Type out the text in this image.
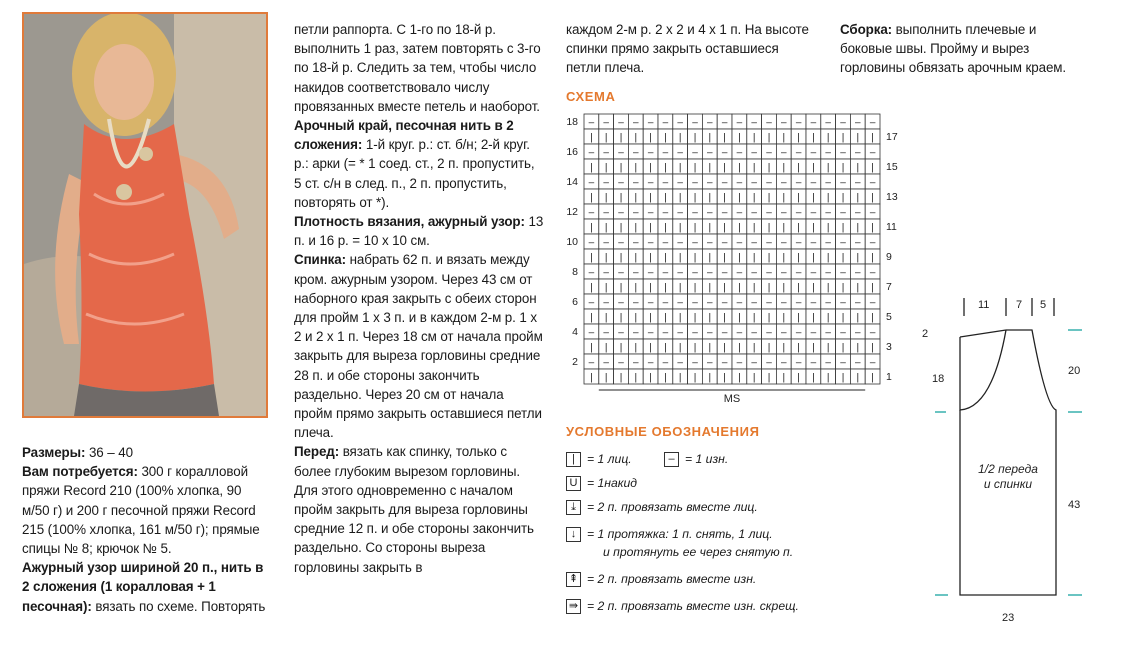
Размеры: 36 – 40

Вам потребуется: 300 г коралловой пряжи Record 210 (100% хлопка, 90 м/50 г) и 200 г песочной пряжи Record 215 (100% хлопка, 161 м/50 г); прямые спицы № 8; крючок № 5.

Ажурный узор шириной 20 п., нить в 2 сложения (1 коралловая + 1 песочная): вязать по схеме. Повторять

петли раппорта. С 1-го по 18-й р. выполнить 1 раз, затем повторять с 3-го по 18-й р. Следить за тем, чтобы число накидов соответствовало числу провязанных вместе петель и наоборот.

Арочный край, песочная нить в 2 сложения: 1-й круг. р.: ст. б/н; 2-й круг. р.: арки (= * 1 соед. ст., 2 п. пропустить, 5 ст. с/н в след. п., 2 п. пропустить, повторять от *).

Плотность вязания, ажурный узор: 13 п. и 16 р. = 10 х 10 см.

Спинка: набрать 62 п. и вязать между кром. ажурным узором. Через 43 см от наборного края закрыть с обеих сторон для пройм 1 х 3 п. и в каждом 2-м р. 1 х 2 и 2 х 1 п. Через 18 см от начала пройм закрыть для выреза горловины средние 28 п. и обе стороны закончить раздельно. Через 20 см от начала пройм прямо закрыть оставшиеся петли плеча.

Перед: вязать как спинку, только с более глубоким вырезом горловины. Для этого одновременно с началом пройм закрыть для выреза горловины средние 12 п. и обе стороны закончить раздельно. Со стороны выреза горловины закрыть в

каждом 2-м р. 2 х 2 и 4 х 1 п. На высоте спинки прямо закрыть оставшиеся петли плеча.

СХЕМА
– – – – – – – – – – – – – – – – – – – –
| | | | | | | | | | | | | | | | | | | |
– – – – – – – – – – – – – – – – – – – –
| | | | | | | | | | | | | | | | | | | |
– – – – – – – – – – – – – – – – – – – –
| | | | | | | | | | | | | | | | | | | |
– – – – – – – – – – – – – – – – – – – –
| | | | | | | | | | | | | | | | | | | |
– – – – – – – – – – – – – – – – – – – –
| | | | | | | | | | | | | | | | | | | |
– – – – – – – – – – – – – – – – – – – –
| | | | | | | | | | | | | | | | | | | |
– – – – – – – – – – – – – – – – – – – –
| | | | | | | | | | | | | | | | | | | |
– – – – – – – – – – – – – – – – – – – –
| | | | | | | | | | | | | | | | | | | |
– – – – – – – – – – – – – – – – – – – –
| | | | | | | | | | | | | | | | | | | |
18
16
14
12
10
8
6
4
2
17
15
13
11
9
7
5
3
1
MS
УСЛОВНЫЕ ОБОЗНАЧЕНИЯ
| = 1 лиц.	– = 1 изн.
U = 1накид
⤓ = 2 п. провязать вместе лиц.
↓ = 1 протяжка: 1 п. снять, 1 лиц.
и протянуть ее через снятую п.
⇞ = 2 п. провязать вместе изн.
⇛ = 2 п. провязать вместе изн. скрещ.

Сборка: выполнить плечевые и боковые швы. Пройму и вырез горловины обвязать арочным краем.

11 7 5
2
18
20
43
23
1/2 переда и спинки
